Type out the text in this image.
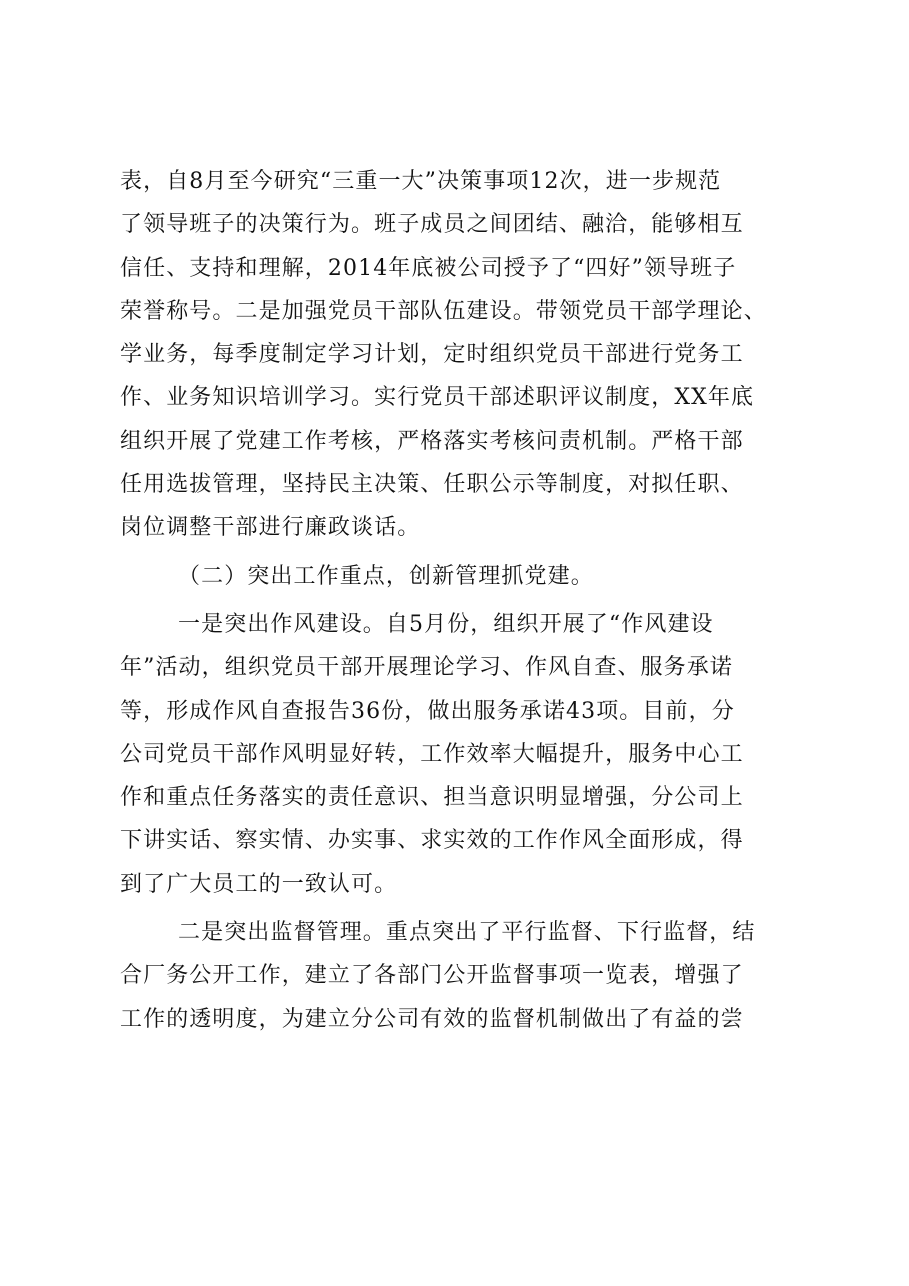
表，自8月至今研究“三重一大”决策事项12次，进一步规范
了领导班子的决策行为。班子成员之间团结、融洽，能够相互
信任、支持和理解，2014年底被公司授予了“四好”领导班子
荣誉称号。二是加强党员干部队伍建设。带领党员干部学理论、
学业务，每季度制定学习计划，定时组织党员干部进行党务工
作、业务知识培训学习。实行党员干部述职评议制度，XX年底
组织开展了党建工作考核，严格落实考核问责机制。严格干部
任用选拔管理，坚持民主决策、任职公示等制度，对拟任职、
岗位调整干部进行廉政谈话。
（二）突出工作重点，创新管理抓党建。
一是突出作风建设。自5月份，组织开展了“作风建设
年”活动，组织党员干部开展理论学习、作风自查、服务承诺
等，形成作风自查报告36份，做出服务承诺43项。目前，分
公司党员干部作风明显好转，工作效率大幅提升，服务中心工
作和重点任务落实的责任意识、担当意识明显增强，分公司上
下讲实话、察实情、办实事、求实效的工作作风全面形成，得
到了广大员工的一致认可。
二是突出监督管理。重点突出了平行监督、下行监督，结
合厂务公开工作，建立了各部门公开监督事项一览表，增强了
工作的透明度，为建立分公司有效的监督机制做出了有益的尝
